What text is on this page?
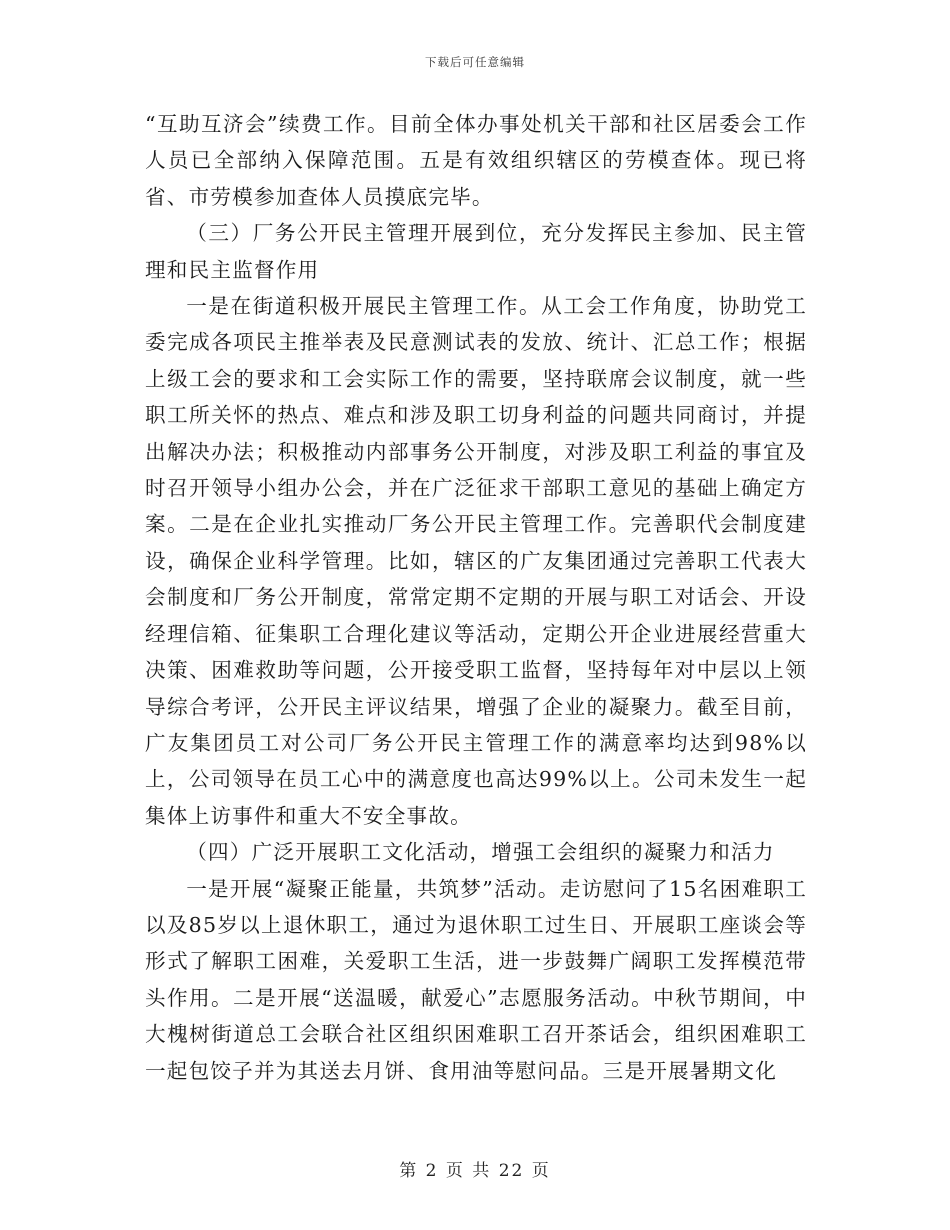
下载后可任意编辑

“互助互济会”续费工作。目前全体办事处机关干部和社区居委会工作人员已全部纳入保障范围。五是有效组织辖区的劳模查体。现已将省、市劳模参加查体人员摸底完毕。

（三）厂务公开民主管理开展到位，充分发挥民主参加、民主管理和民主监督作用

一是在街道积极开展民主管理工作。从工会工作角度，协助党工委完成各项民主推举表及民意测试表的发放、统计、汇总工作；根据上级工会的要求和工会实际工作的需要，坚持联席会议制度，就一些职工所关怀的热点、难点和涉及职工切身利益的问题共同商讨，并提出解决办法；积极推动内部事务公开制度，对涉及职工利益的事宜及时召开领导小组办公会，并在广泛征求干部职工意见的基础上确定方案。二是在企业扎实推动厂务公开民主管理工作。完善职代会制度建设，确保企业科学管理。比如，辖区的广友集团通过完善职工代表大会制度和厂务公开制度，常常定期不定期的开展与职工对话会、开设经理信箱、征集职工合理化建议等活动，定期公开企业进展经营重大决策、困难救助等问题，公开接受职工监督，坚持每年对中层以上领导综合考评，公开民主评议结果，增强了企业的凝聚力。截至目前，广友集团员工对公司厂务公开民主管理工作的满意率均达到98%以上，公司领导在员工心中的满意度也高达99%以上。公司未发生一起集体上访事件和重大不安全事故。

（四）广泛开展职工文化活动，增强工会组织的凝聚力和活力

一是开展“凝聚正能量，共筑梦”活动。走访慰问了15名困难职工以及85岁以上退休职工，通过为退休职工过生日、开展职工座谈会等形式了解职工困难，关爱职工生活，进一步鼓舞广阔职工发挥模范带头作用。二是开展“送温暖，献爱心”志愿服务活动。中秋节期间，中大槐树街道总工会联合社区组织困难职工召开茶话会，组织困难职工一起包饺子并为其送去月饼、食用油等慰问品。三是开展暑期文化

第 2 页 共 22 页
